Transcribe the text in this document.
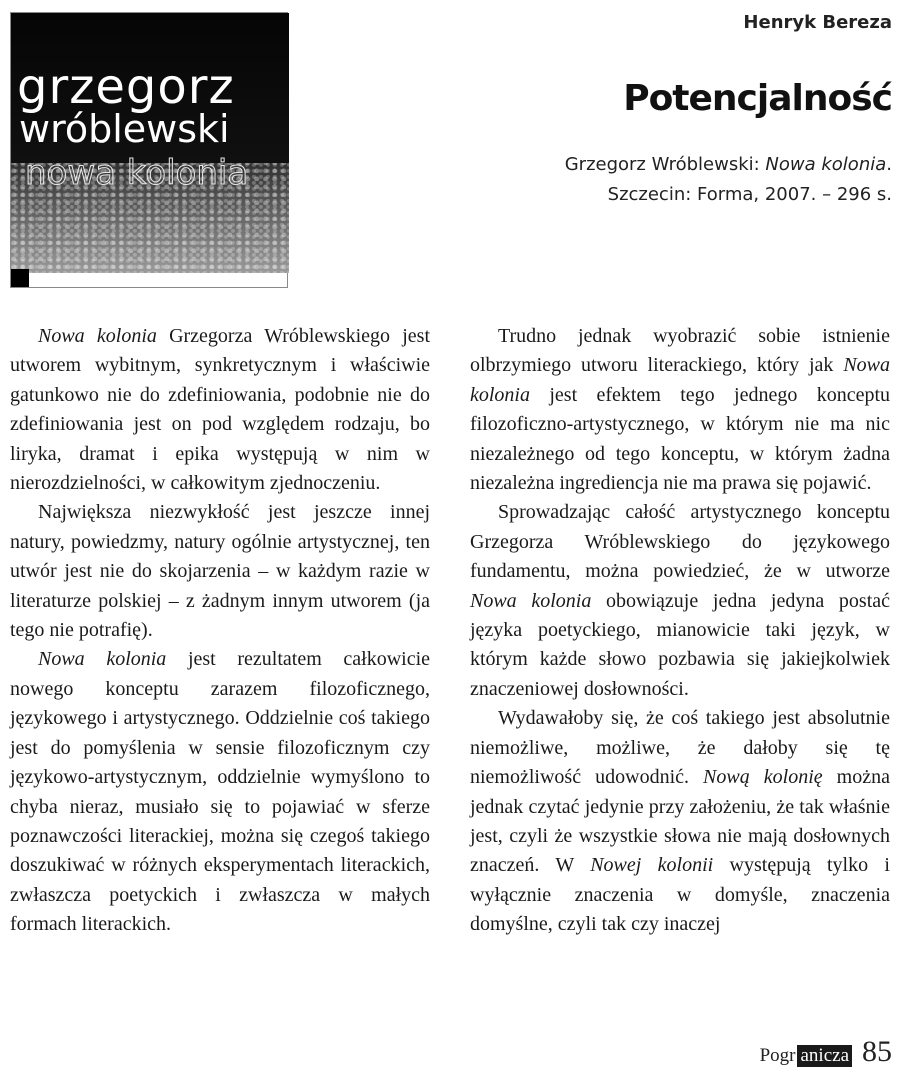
grzegorz
wróblewski
nowa kolonia
Henryk Bereza
Potencjalność
Grzegorz Wróblewski: Nowa kolonia.
Szczecin: Forma, 2007. – 296 s.

Nowa kolonia Grzegorza Wróblewskiego jest utworem wybitnym, synkretycznym i właściwie gatunkowo nie do zdefiniowania, podobnie nie do zdefiniowania jest on pod względem rodzaju, bo liryka, dramat i epika występują w nim w nierozdzielności, w całkowitym zjednoczeniu.

Największa niezwykłość jest jeszcze innej natury, powiedzmy, natury ogólnie artystycznej, ten utwór jest nie do skojarzenia – w każdym razie w literaturze polskiej – z żadnym innym utworem (ja tego nie potrafię).

Nowa kolonia jest rezultatem całkowicie nowego konceptu zarazem filozoficznego, językowego i artystycznego. Oddzielnie coś takiego jest do pomyślenia w sensie filozoficznym czy językowo-artystycznym, oddzielnie wymyślono to chyba nieraz, musiało się to pojawiać w sferze poznawczości literackiej, można się czegoś takiego doszukiwać w różnych eksperymentach literackich, zwłaszcza poetyckich i zwłaszcza w małych formach literackich.

Trudno jednak wyobrazić sobie istnienie olbrzymiego utworu literackiego, który jak Nowa kolonia jest efektem tego jednego konceptu filozoficzno-artystycznego, w którym nie ma nic niezależnego od tego konceptu, w którym żadna niezależna ingrediencja nie ma prawa się pojawić.

Sprowadzając całość artystycznego konceptu Grzegorza Wróblewskiego do językowego fundamentu, można powiedzieć, że w utworze Nowa kolonia obowiązuje jedna jedyna postać języka poetyckiego, mianowicie taki język, w którym każde słowo pozbawia się jakiejkolwiek znaczeniowej dosłowności.

Wydawałoby się, że coś takiego jest absolutnie niemożliwe, możliwe, że dałoby się tę niemożliwość udowodnić. Nową kolonię można jednak czytać jedynie przy założeniu, że tak właśnie jest, czyli że wszystkie słowa nie mają dosłownych znaczeń. W Nowej kolonii występują tylko i wyłącznie znaczenia w domyśle, znaczenia domyślne, czyli tak czy inaczej

Pogr anicza 85
